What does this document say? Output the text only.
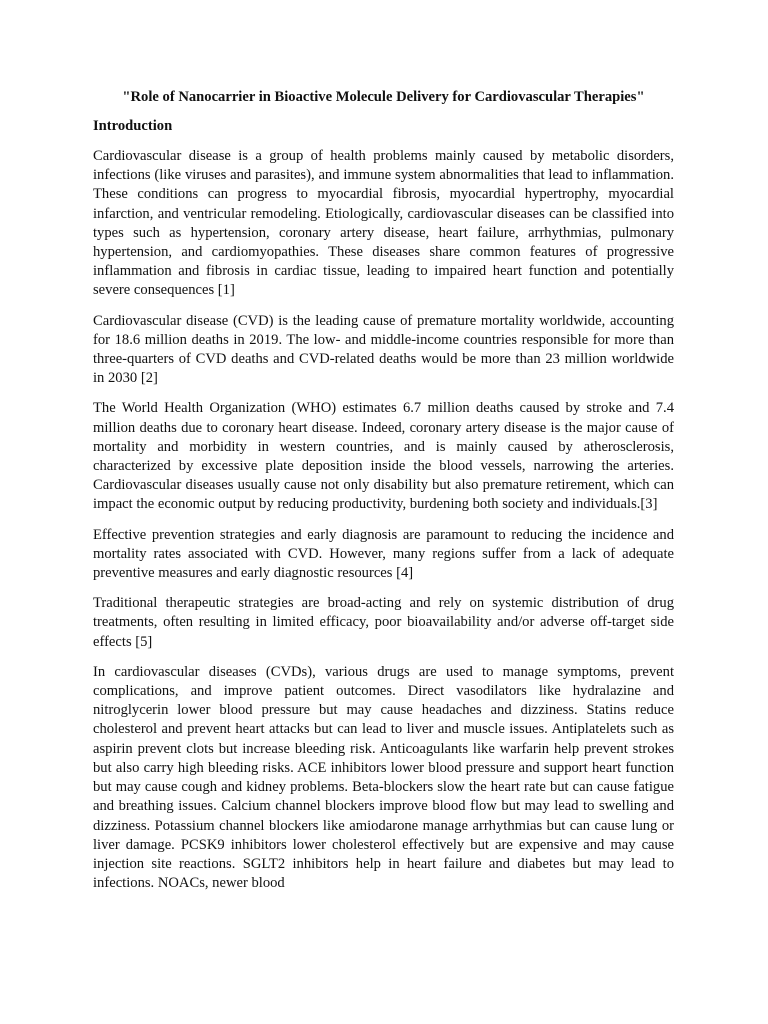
"Role of Nanocarrier in Bioactive Molecule Delivery for Cardiovascular Therapies"
Introduction

Cardiovascular disease is a group of health problems mainly caused by metabolic disorders, infections (like viruses and parasites), and immune system abnormalities that lead to inflammation. These conditions can progress to myocardial fibrosis, myocardial hypertrophy, myocardial infarction, and ventricular remodeling. Etiologically, cardiovascular diseases can be classified into types such as hypertension, coronary artery disease, heart failure, arrhythmias, pulmonary hypertension, and cardiomyopathies. These diseases share common features of progressive inflammation and fibrosis in cardiac tissue, leading to impaired heart function and potentially severe consequences [1]

Cardiovascular disease (CVD) is the leading cause of premature mortality worldwide, accounting for 18.6 million deaths in 2019. The low- and middle-income countries responsible for more than three-quarters of CVD deaths and CVD-related deaths would be more than 23 million worldwide in 2030 [2]

The World Health Organization (WHO) estimates 6.7 million deaths caused by stroke and 7.4 million deaths due to coronary heart disease. Indeed, coronary artery disease is the major cause of mortality and morbidity in western countries, and is mainly caused by atherosclerosis, characterized by excessive plate deposition inside the blood vessels, narrowing the arteries. Cardiovascular diseases usually cause not only disability but also premature retirement, which can impact the economic output by reducing productivity, burdening both society and individuals.[3]

Effective prevention strategies and early diagnosis are paramount to reducing the incidence and mortality rates associated with CVD. However, many regions suffer from a lack of adequate preventive measures and early diagnostic resources [4]

Traditional therapeutic strategies are broad-acting and rely on systemic distribution of drug treatments, often resulting in limited efficacy, poor bioavailability and/or adverse off-target side effects [5]

In cardiovascular diseases (CVDs), various drugs are used to manage symptoms, prevent complications, and improve patient outcomes. Direct vasodilators like hydralazine and nitroglycerin lower blood pressure but may cause headaches and dizziness. Statins reduce cholesterol and prevent heart attacks but can lead to liver and muscle issues. Antiplatelets such as aspirin prevent clots but increase bleeding risk. Anticoagulants like warfarin help prevent strokes but also carry high bleeding risks. ACE inhibitors lower blood pressure and support heart function but may cause cough and kidney problems. Beta-blockers slow the heart rate but can cause fatigue and breathing issues. Calcium channel blockers improve blood flow but may lead to swelling and dizziness. Potassium channel blockers like amiodarone manage arrhythmias but can cause lung or liver damage. PCSK9 inhibitors lower cholesterol effectively but are expensive and may cause injection site reactions. SGLT2 inhibitors help in heart failure and diabetes but may lead to infections. NOACs, newer blood
